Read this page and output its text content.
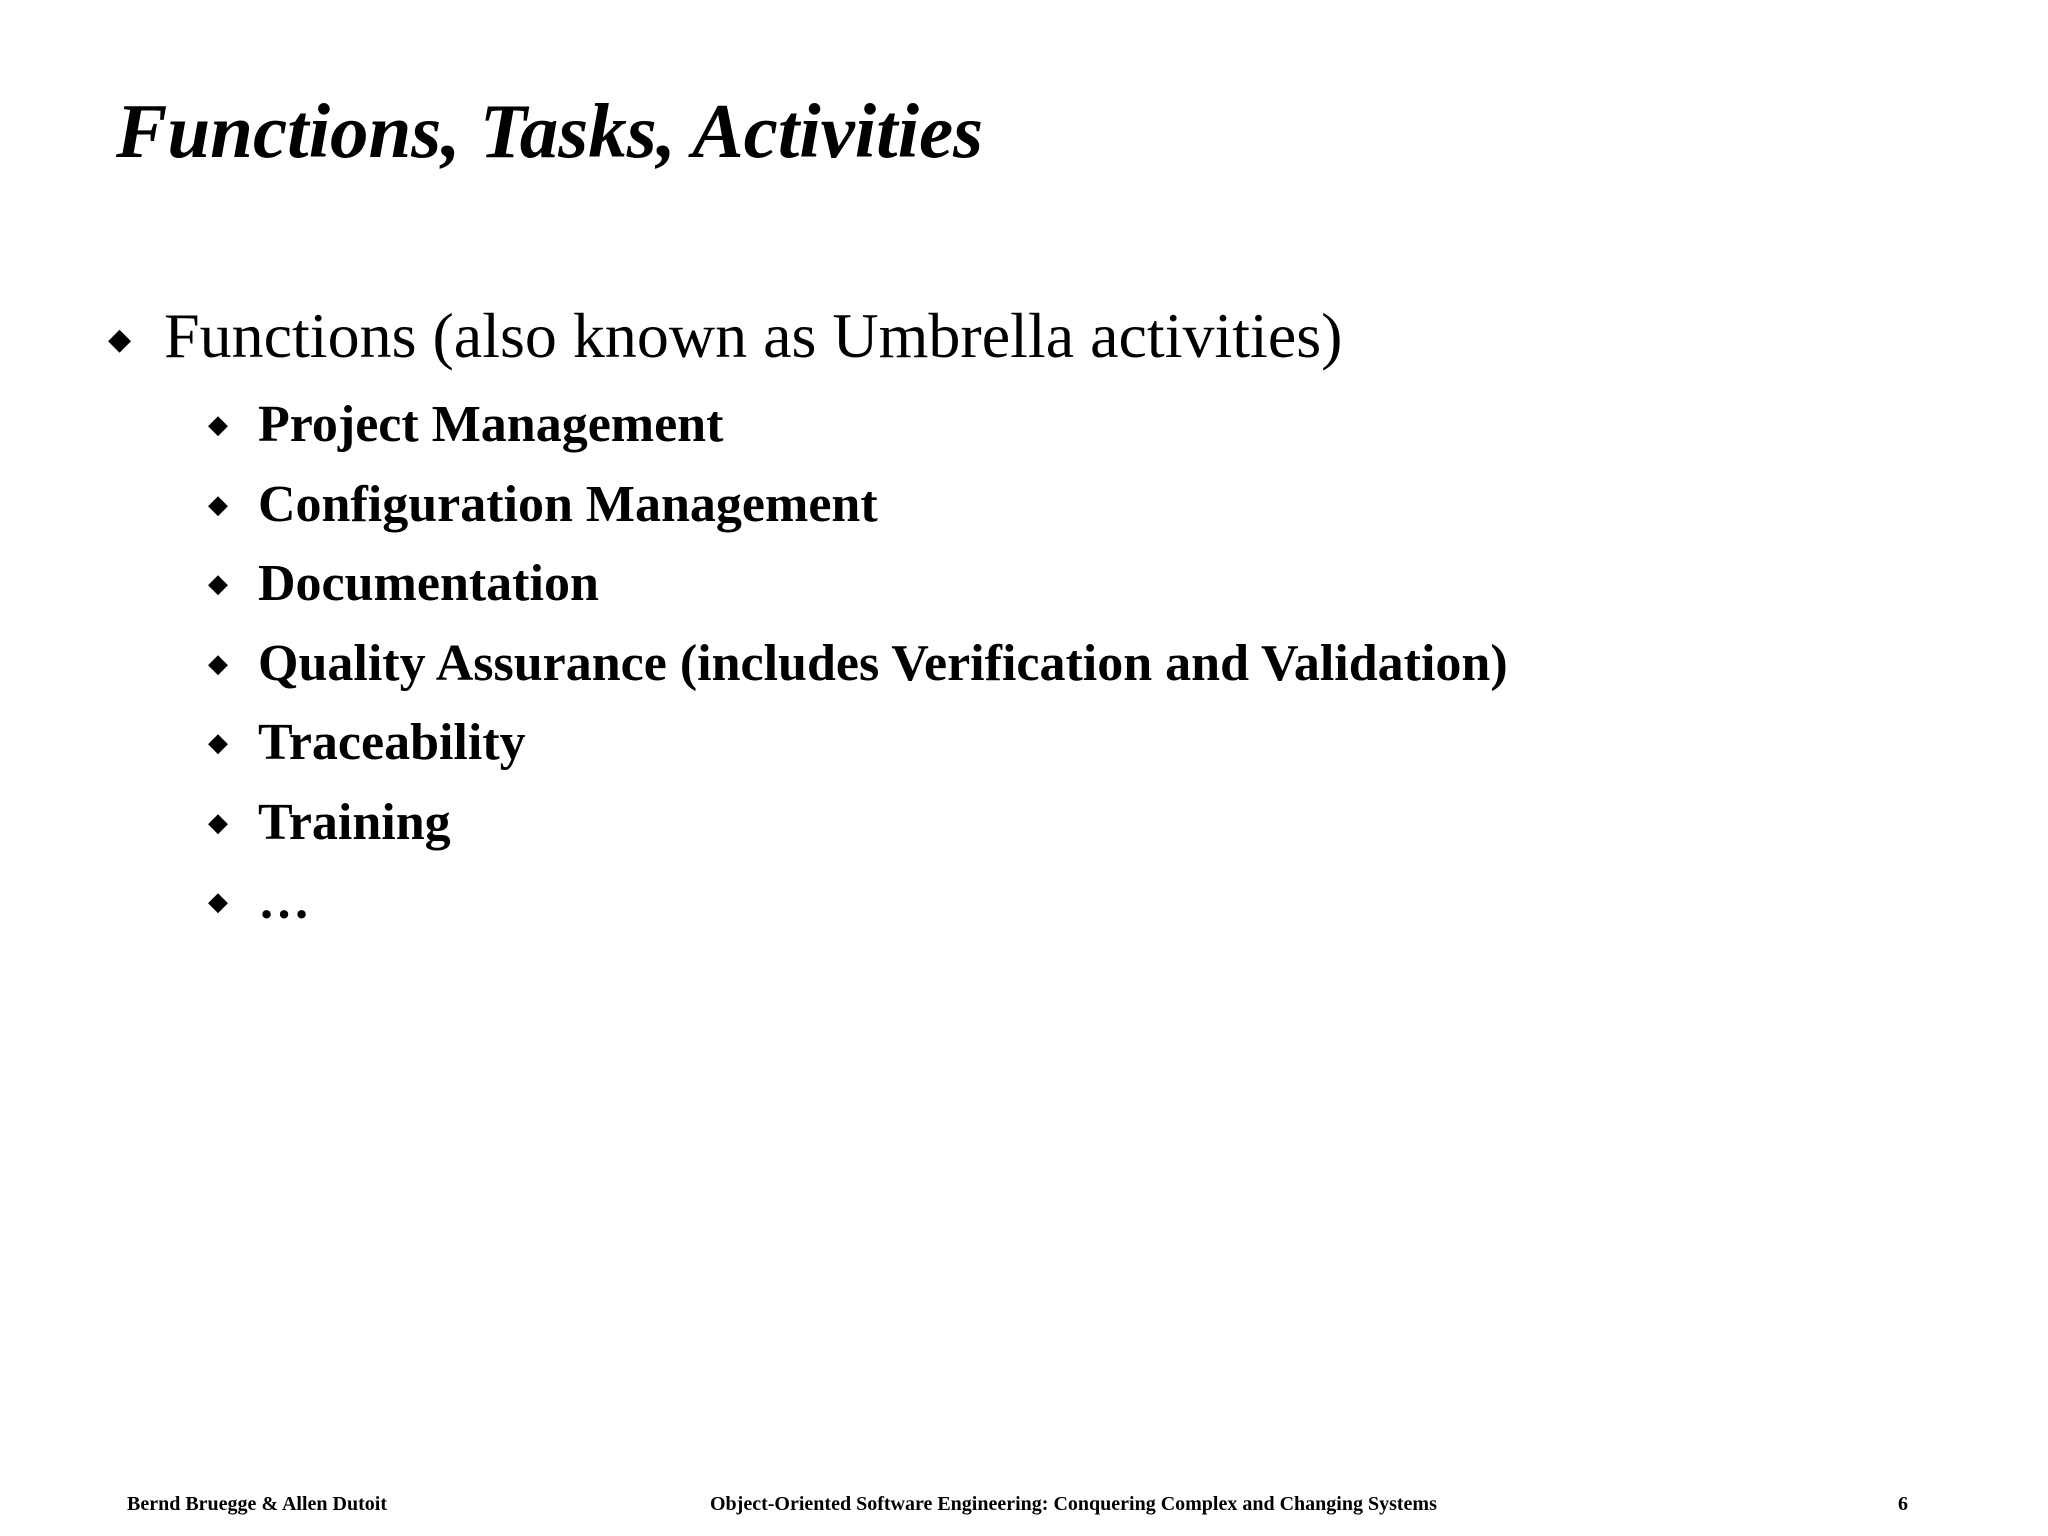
Functions, Tasks, Activities
◆ Functions (also known as Umbrella activities)
◆ Project Management
◆ Configuration Management
◆ Documentation
◆ Quality Assurance (includes Verification and Validation)
◆ Traceability
◆ Training
◆ …
Bernd Bruegge & Allen Dutoit	Object-Oriented Software Engineering: Conquering Complex and Changing Systems	6
